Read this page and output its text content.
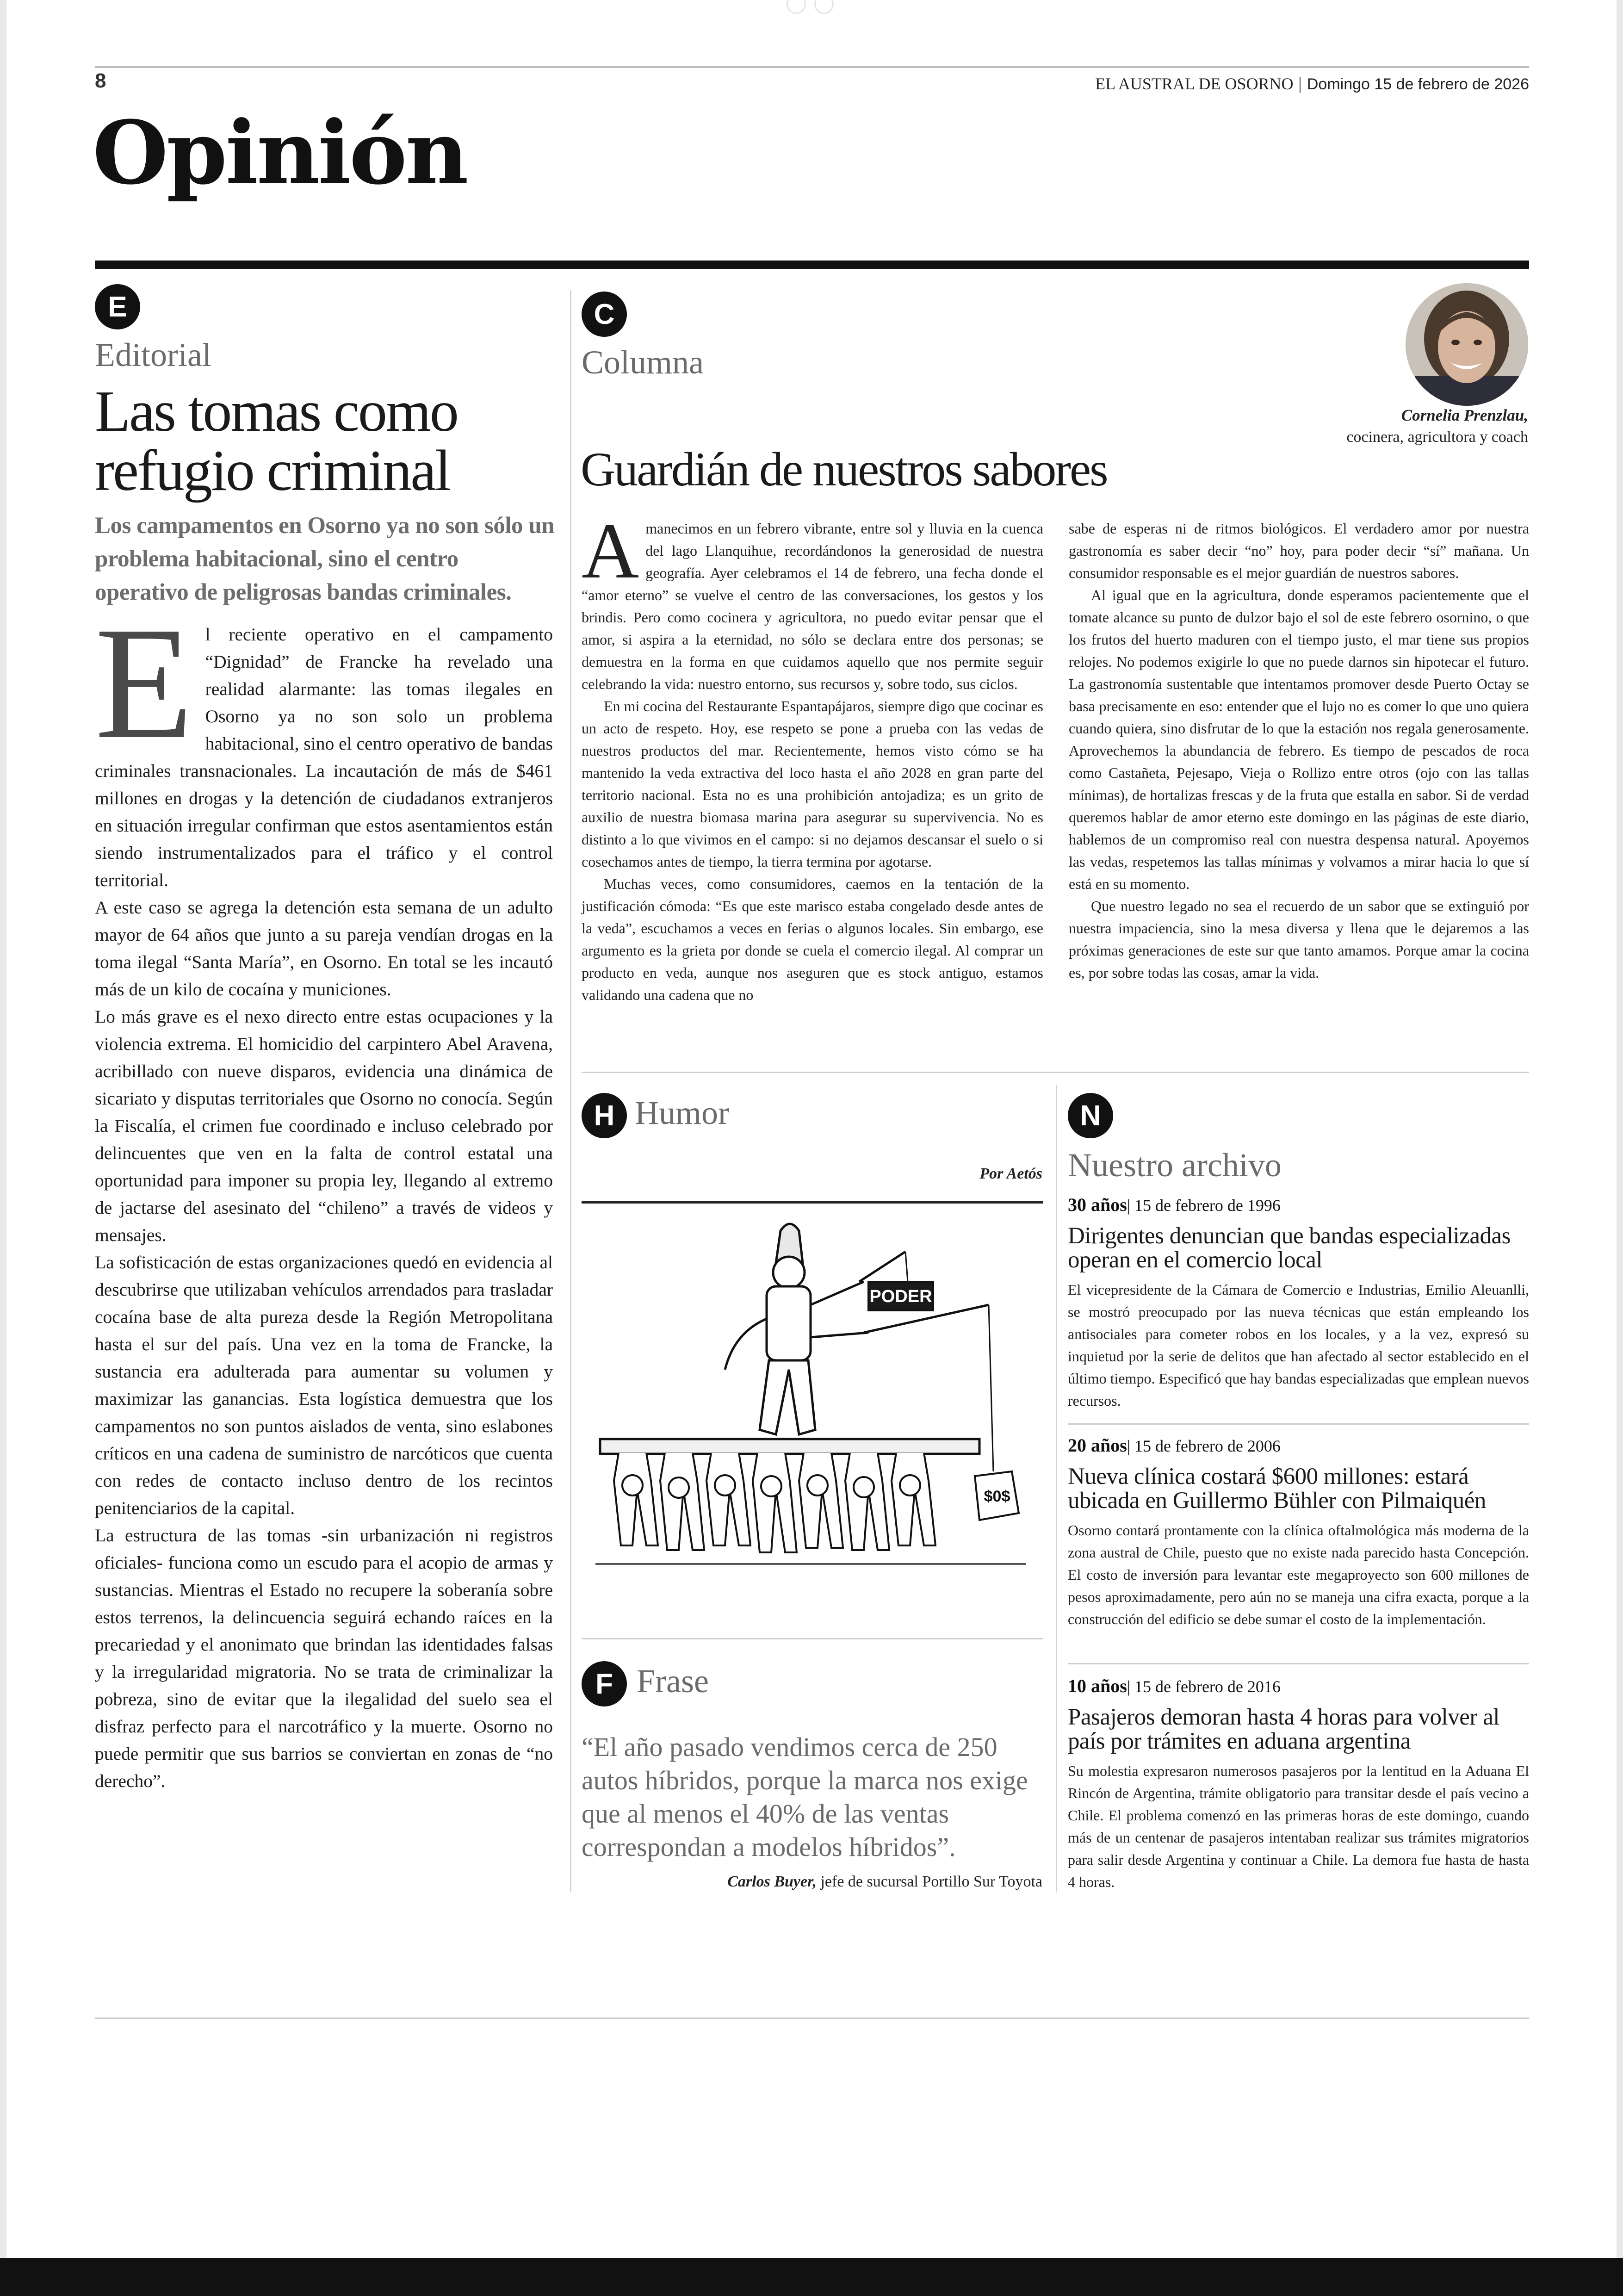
8	EL AUSTRAL DE OSORNO | Domingo 15 de febrero de 2026
Opinión
E
Editorial
Las tomas como refugio criminal
Los campamentos en Osorno ya no son sólo un problema habitacional, sino el centro operativo de peligrosas bandas criminales.
El reciente operativo en el campamento “Dignidad” de Francke ha revelado una realidad alarmante: las tomas ilegales en Osorno ya no son solo un problema habitacional, sino el centro operativo de bandas criminales transnacionales. La incautación de más de $461 millones en drogas y la detención de ciudadanos extranjeros en situación irregular confirman que estos asentamientos están siendo instrumentalizados para el tráfico y el control territorial.

A este caso se agrega la detención esta semana de un adulto mayor de 64 años que junto a su pareja vendían drogas en la toma ilegal “Santa María”, en Osorno. En total se les incautó más de un kilo de cocaína y municiones.

Lo más grave es el nexo directo entre estas ocupaciones y la violencia extrema. El homicidio del carpintero Abel Aravena, acribillado con nueve disparos, evidencia una dinámica de sicariato y disputas territoriales que Osorno no conocía. Según la Fiscalía, el crimen fue coordinado e incluso celebrado por delincuentes que ven en la falta de control estatal una oportunidad para imponer su propia ley, llegando al extremo de jactarse del asesinato del “chileno” a través de videos y mensajes.

La sofisticación de estas organizaciones quedó en evidencia al descubrirse que utilizaban vehículos arrendados para trasladar cocaína base de alta pureza desde la Región Metropolitana hasta el sur del país. Una vez en la toma de Francke, la sustancia era adulterada para aumentar su volumen y maximizar las ganancias. Esta logística demuestra que los campamentos no son puntos aislados de venta, sino eslabones críticos en una cadena de suministro de narcóticos que cuenta con redes de contacto incluso dentro de los recintos penitenciarios de la capital.

La estructura de las tomas -sin urbanización ni registros oficiales- funciona como un escudo para el acopio de armas y sustancias. Mientras el Estado no recupere la soberanía sobre estos terrenos, la delincuencia seguirá echando raíces en la precariedad y el anonimato que brindan las identidades falsas y la irregularidad migratoria. No se trata de criminalizar la pobreza, sino de evitar que la ilegalidad del suelo sea el disfraz perfecto para el narcotráfico y la muerte. Osorno no puede permitir que sus barrios se conviertan en zonas de “no derecho”.

C
Columna
Guardián de nuestros sabores
Cornelia Prenzlau,
cocinera, agricultora y coach

Amanecimos en un febrero vibrante, entre sol y lluvia en la cuenca del lago Llanquihue, recordándonos la generosidad de nuestra geografía. Ayer celebramos el 14 de febrero, una fecha donde el “amor eterno” se vuelve el centro de las conversaciones, los gestos y los brindis. Pero como cocinera y agricultora, no puedo evitar pensar que el amor, si aspira a la eternidad, no sólo se declara entre dos personas; se demuestra en la forma en que cuidamos aquello que nos permite seguir celebrando la vida: nuestro entorno, sus recursos y, sobre todo, sus ciclos.

En mi cocina del Restaurante Espantapájaros, siempre digo que cocinar es un acto de respeto. Hoy, ese respeto se pone a prueba con las vedas de nuestros productos del mar. Recientemente, hemos visto cómo se ha mantenido la veda extractiva del loco hasta el año 2028 en gran parte del territorio nacional. Esta no es una prohibición antojadiza; es un grito de auxilio de nuestra biomasa marina para asegurar su supervivencia. No es distinto a lo que vivimos en el campo: si no dejamos descansar el suelo o si cosechamos antes de tiempo, la tierra termina por agotarse.

Muchas veces, como consumidores, caemos en la tentación de la justificación cómoda: “Es que este marisco estaba congelado desde antes de la veda”, escuchamos a veces en ferias o algunos locales. Sin embargo, ese argumento es la grieta por donde se cuela el comercio ilegal. Al comprar un producto en veda, aunque nos aseguren que es stock antiguo, estamos validando una cadena que no

sabe de esperas ni de ritmos biológicos. El verdadero amor por nuestra gastronomía es saber decir “no” hoy, para poder decir “sí” mañana. Un consumidor responsable es el mejor guardián de nuestros sabores.

Al igual que en la agricultura, donde esperamos pacientemente que el tomate alcance su punto de dulzor bajo el sol de este febrero osornino, o que los frutos del huerto maduren con el tiempo justo, el mar tiene sus propios relojes. No podemos exigirle lo que no puede darnos sin hipotecar el futuro. La gastronomía sustentable que intentamos promover desde Puerto Octay se basa precisamente en eso: entender que el lujo no es comer lo que uno quiera cuando quiera, sino disfrutar de lo que la estación nos regala generosamente. Aprovechemos la abundancia de febrero. Es tiempo de pescados de roca como Castañeta, Pejesapo, Vieja o Rollizo entre otros (ojo con las tallas mínimas), de hortalizas frescas y de la fruta que estalla en sabor. Si de verdad queremos hablar de amor eterno este domingo en las páginas de este diario, hablemos de un compromiso real con nuestra despensa natural. Apoyemos las vedas, respetemos las tallas mínimas y volvamos a mirar hacia lo que sí está en su momento.

Que nuestro legado no sea el recuerdo de un sabor que se extinguió por nuestra impaciencia, sino la mesa diversa y llena que le dejaremos a las próximas generaciones de este sur que tanto amamos. Porque amar la cocina es, por sobre todas las cosas, amar la vida.

H Humor
Por Aetós
PODER
$0$
F Frase
“El año pasado vendimos cerca de 250 autos híbridos, porque la marca nos exige que al menos el 40% de las ventas correspondan a modelos híbridos”.
Carlos Buyer, jefe de sucursal Portillo Sur Toyota
N
Nuestro archivo
30 años| 15 de febrero de 1996
Dirigentes denuncian que bandas especializadas operan en el comercio local
El vicepresidente de la Cámara de Comercio e Industrias, Emilio Aleuanlli, se mostró preocupado por las nueva técnicas que están empleando los antisociales para cometer robos en los locales, y a la vez, expresó su inquietud por la serie de delitos que han afectado al sector establecido en el último tiempo. Especificó que hay bandas especializadas que emplean nuevos recursos.
20 años| 15 de febrero de 2006
Nueva clínica costará $600 millones: estará ubicada en Guillermo Bühler con Pilmaiquén
Osorno contará prontamente con la clínica oftalmológica más moderna de la zona austral de Chile, puesto que no existe nada parecido hasta Concepción. El costo de inversión para levantar este megaproyecto son 600 millones de pesos aproximadamente, pero aún no se maneja una cifra exacta, porque a la construcción del edificio se debe sumar el costo de la implementación.
10 años| 15 de febrero de 2016
Pasajeros demoran hasta 4 horas para volver al país por trámites en aduana argentina
Su molestia expresaron numerosos pasajeros por la lentitud en la Aduana El Rincón de Argentina, trámite obligatorio para transitar desde el país vecino a Chile. El problema comenzó en las primeras horas de este domingo, cuando más de un centenar de pasajeros intentaban realizar sus trámites migratorios para salir desde Argentina y continuar a Chile. La demora fue hasta de hasta 4 horas.
